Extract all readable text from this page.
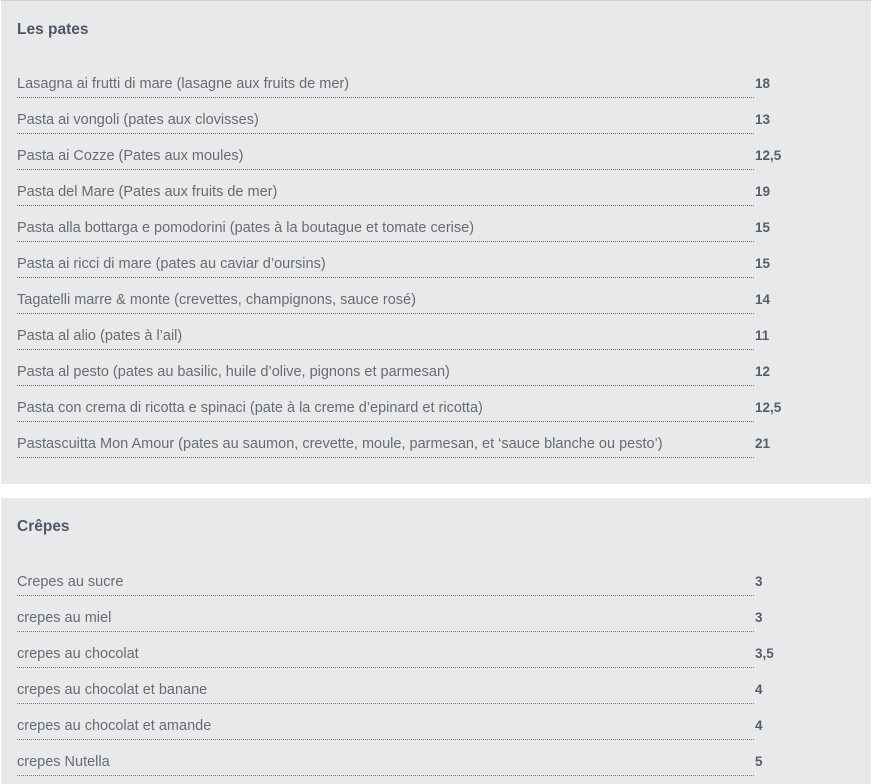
Les pates
Lasagna ai frutti di mare (lasagne aux fruits de mer)	18
Pasta ai vongoli (pates aux clovisses)	13
Pasta ai Cozze (Pates aux moules)	12,5
Pasta del Mare (Pates aux fruits de mer)	19
Pasta alla bottarga e pomodorini (pates à la boutague et tomate cerise)	15
Pasta ai ricci di mare (pates au caviar d’oursins)	15
Tagatelli marre & monte (crevettes, champignons, sauce rosé)	14
Pasta al alio (pates à l’ail)	11
Pasta al pesto (pates au basilic, huile d’olive, pignons et parmesan)	12
Pasta con crema di ricotta e spinaci (pate à la creme d’epinard et ricotta)	12,5
Pastascuitta Mon Amour (pates au saumon, crevette, moule, parmesan, et ‘sauce blanche ou pesto’)	21
Crêpes
Crepes au sucre	3
crepes au miel	3
crepes au chocolat	3,5
crepes au chocolat et banane	4
crepes au chocolat et amande	4
crepes Nutella	5
